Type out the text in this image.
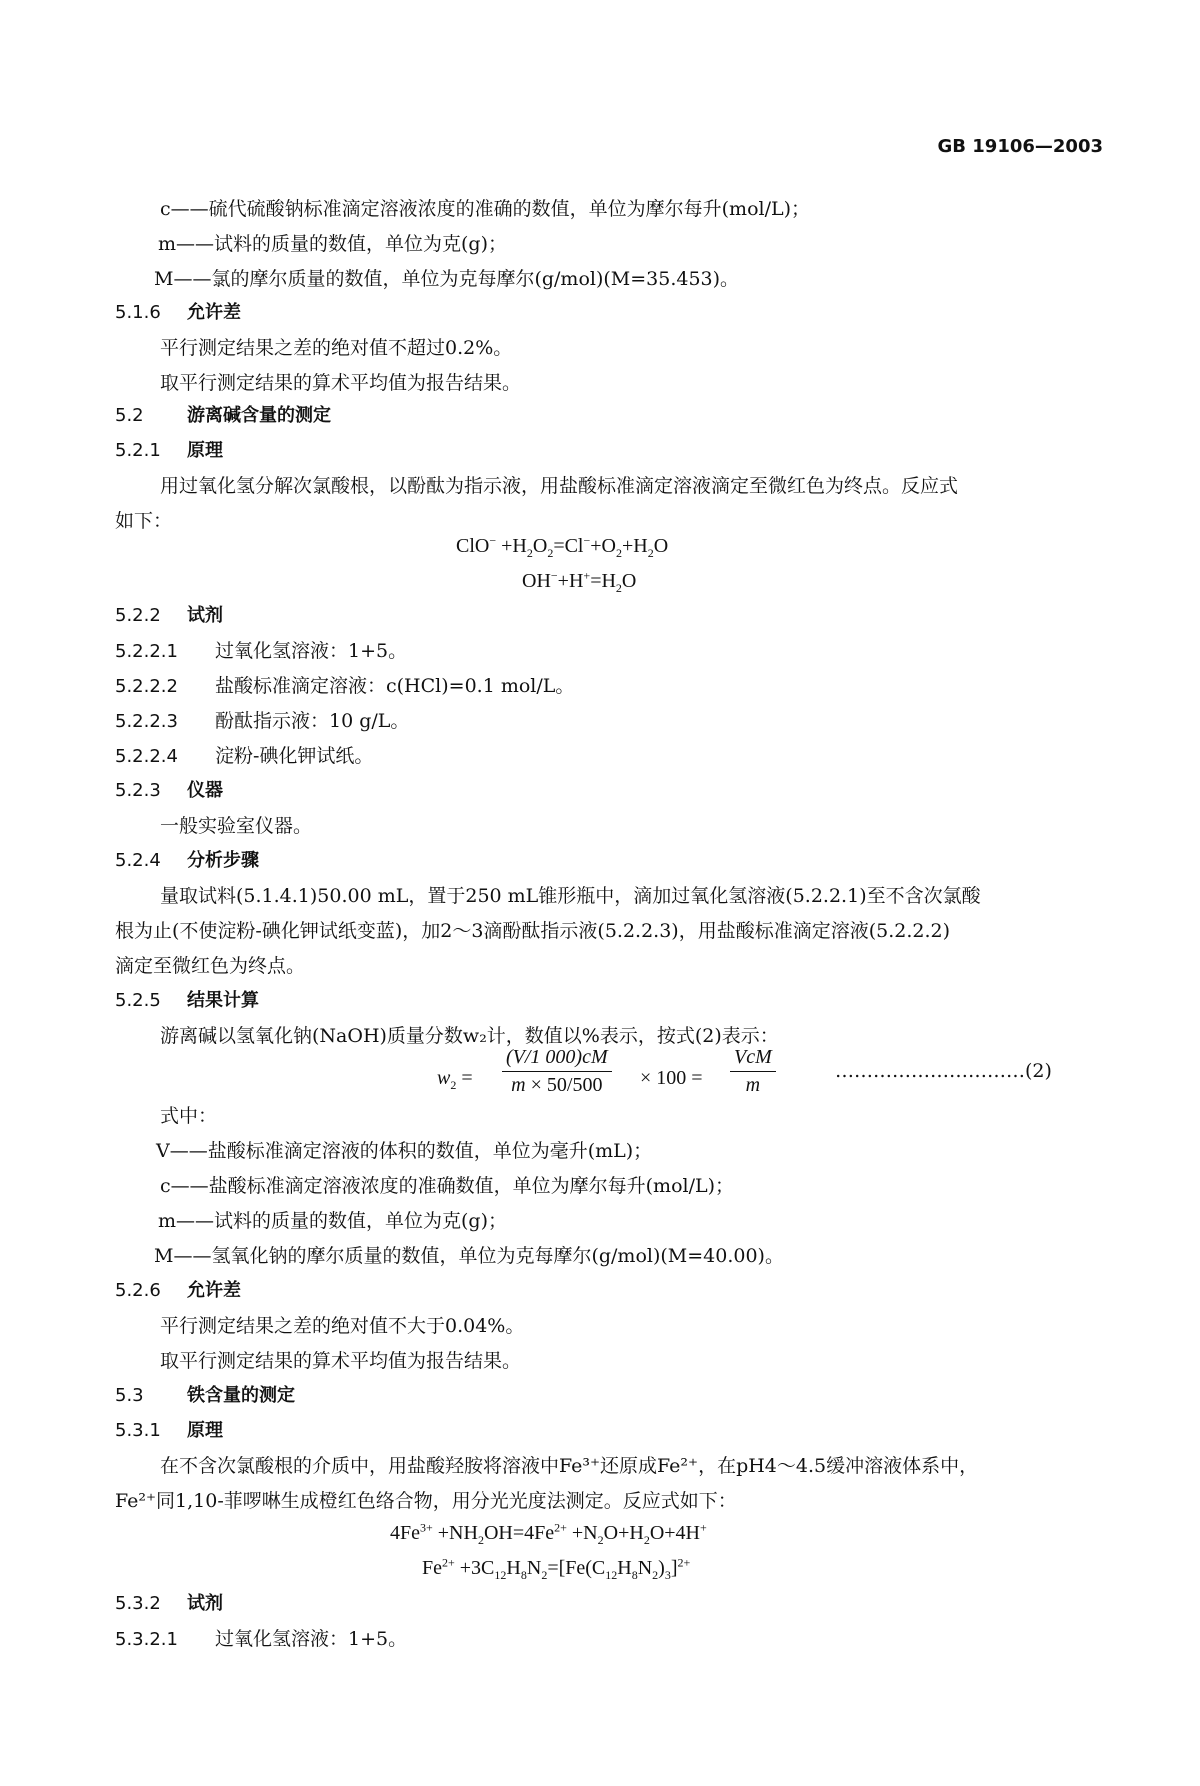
GB 19106—2003
c——硫代硫酸钠标准滴定溶液浓度的准确的数值，单位为摩尔每升(mol/L)；
m——试料的质量的数值，单位为克(g)；
M——氯的摩尔质量的数值，单位为克每摩尔(g/mol)(M=35.453)。
5.1.6 允许差
平行测定结果之差的绝对值不超过0.2%。
取平行测定结果的算术平均值为报告结果。
5.2 游离碱含量的测定
5.2.1 原理
用过氧化氢分解次氯酸根，以酚酞为指示液，用盐酸标准滴定溶液滴定至微红色为终点。反应式
如下：
$ClO^- +H_2O_2=Cl^-+O_2+H_2O$
$OH^-+H^+=H_2O$
5.2.2 试剂
5.2.2.1 过氧化氢溶液：1+5。
5.2.2.2 盐酸标准滴定溶液：c(HCl)=0.1 mol/L。
5.2.2.3 酚酞指示液：10 g/L。
5.2.2.4 淀粉-碘化钾试纸。
5.2.3 仪器
一般实验室仪器。
5.2.4 分析步骤
量取试料(5.1.4.1)50.00 mL，置于250 mL锥形瓶中，滴加过氧化氢溶液(5.2.2.1)至不含次氯酸
根为止(不使淀粉-碘化钾试纸变蓝)，加2～3滴酚酞指示液(5.2.2.3)，用盐酸标准滴定溶液(5.2.2.2)
滴定至微红色为终点。
5.2.5 结果计算
游离碱以氢氧化钠(NaOH)质量分数w₂计，数值以%表示，按式(2)表示：
$w_2 = \frac{(V/1 000)cM}{m \times 50/500} \times 100$ =
VcM
m
…………………………(2)
式中：
V——盐酸标准滴定溶液的体积的数值，单位为毫升(mL)；
c——盐酸标准滴定溶液浓度的准确数值，单位为摩尔每升(mol/L)；
m——试料的质量的数值，单位为克(g)；
M——氢氧化钠的摩尔质量的数值，单位为克每摩尔(g/mol)(M=40.00)。
5.2.6 允许差
平行测定结果之差的绝对值不大于0.04%。
取平行测定结果的算术平均值为报告结果。
5.3 铁含量的测定
5.3.1 原理
在不含次氯酸根的介质中，用盐酸羟胺将溶液中Fe³⁺还原成Fe²⁺，在pH4～4.5缓冲溶液体系中，
Fe²⁺同1,10-菲啰啉生成橙红色络合物，用分光光度法测定。反应式如下：
$4Fe^{3+} +NH_2OH=4Fe^{2+} +N_2O+H_2O+4H^+$
$Fe^{2+} +3C_{12}H_8N_2=[Fe(C_{12}H_8N_2)_3]^{2+}$
5.3.2 试剂
5.3.2.1 过氧化氢溶液：1+5。
